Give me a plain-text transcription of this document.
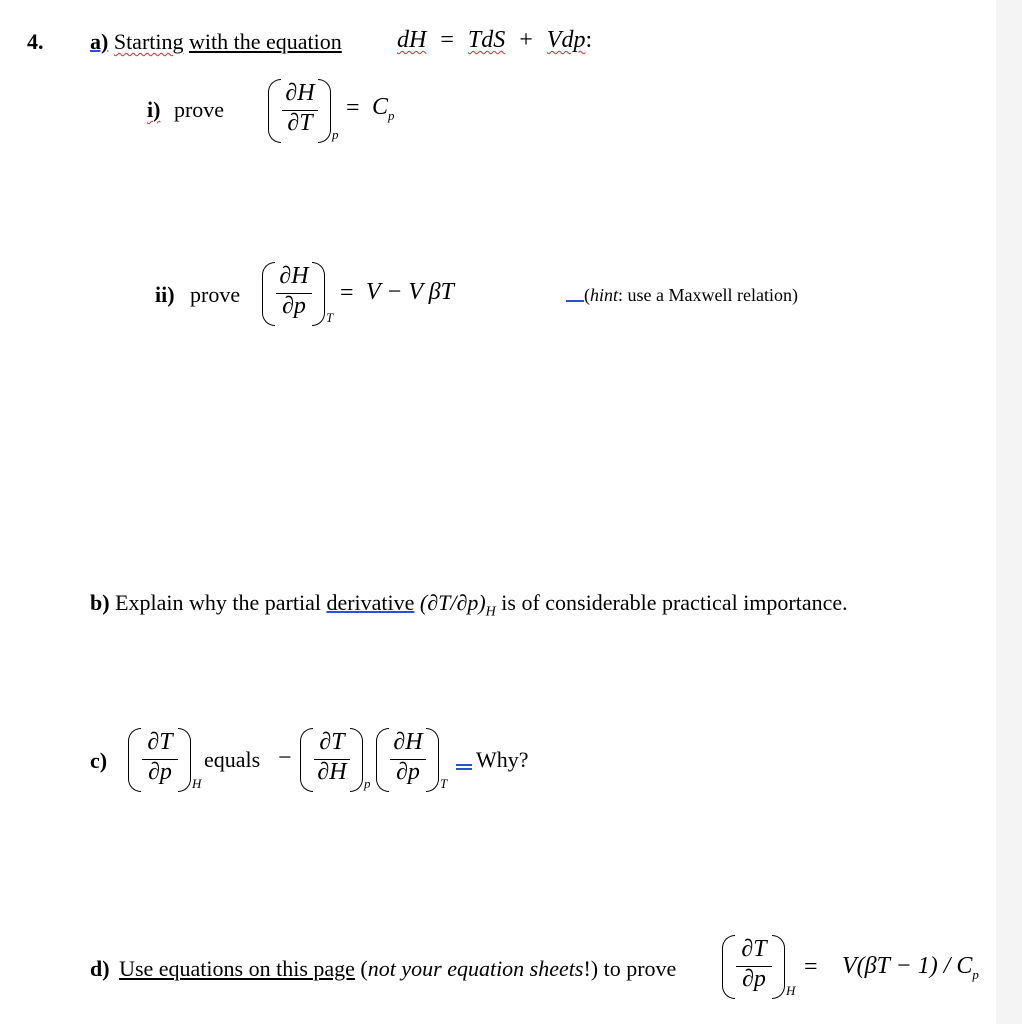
4. a) Starting with the equation dH = TdS + Vdp:
i) prove
∂H
∂T	p
= $C_p$
ii) prove
∂H
∂p	T
= V − V βT	(hint: use a Maxwell relation)
b) Explain why the partial derivative $(\partial T/\partial p)_H$ is of considerable practical importance.
c)
∂T
∂p	H
equals −
∂T
∂H	p
∂H
∂p	T
Why?
d) Use equations on this page (not your equation sheets!) to prove
∂T
∂p	H
= $V(\beta T - 1) / C_p$
